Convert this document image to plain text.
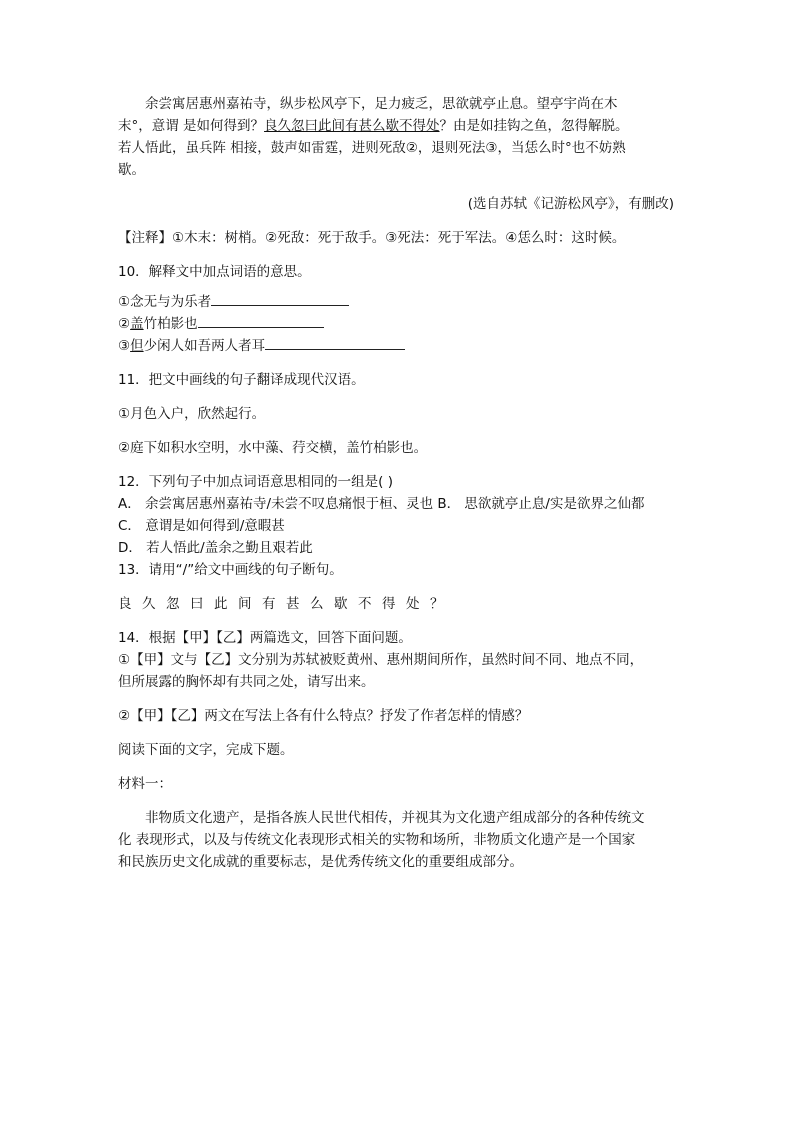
余尝寓居惠州嘉祐寺，纵步松风亭下，足力疲乏，思欲就亭止息。望亭宇尚在木

末°，意谓 是如何得到？良久忽曰此间有甚么歇不得处？由是如挂钩之鱼，忽得解脱。

若人悟此，虽兵阵 相接，鼓声如雷霆，进则死敌②，退则死法③，当恁么时°也不妨熟

歇。

(选自苏轼《记游松风亭》，有删改)

【注释】①木末：树梢。②死敌：死于敌手。③死法：死于军法。④恁么时：这时候。

10．解释文中加点词语的意思。

①念无与为乐者

②盖竹柏影也

③但少闲人如吾两人者耳

11．把文中画线的句子翻译成现代汉语。

①月色入户，欣然起行。

②庭下如积水空明，水中藻、荇交横，盖竹柏影也。

12．下列句子中加点词语意思相同的一组是( )

A． 余尝寓居惠州嘉祐寺/未尝不叹息痛恨于桓、灵也 B． 思欲就亭止息/实是欲界之仙都

C． 意谓是如何得到/意暇甚

D． 若人悟此/盖余之勤且艰若此

13．请用“/”给文中画线的句子断句。

良久忽曰此间有甚么歇不得处？

14．根据【甲】【乙】两篇选文，回答下面问题。

①【甲】文与【乙】文分别为苏轼被贬黄州、惠州期间所作，虽然时间不同、地点不同，

但所展露的胸怀却有共同之处，请写出来。

②【甲】【乙】两文在写法上各有什么特点？抒发了作者怎样的情感？

阅读下面的文字，完成下题。

材料一：

非物质文化遗产，是指各族人民世代相传，并视其为文化遗产组成部分的各种传统文

化 表现形式，以及与传统文化表现形式相关的实物和场所，非物质文化遗产是一个国家

和民族历史文化成就的重要标志，是优秀传统文化的重要组成部分。
